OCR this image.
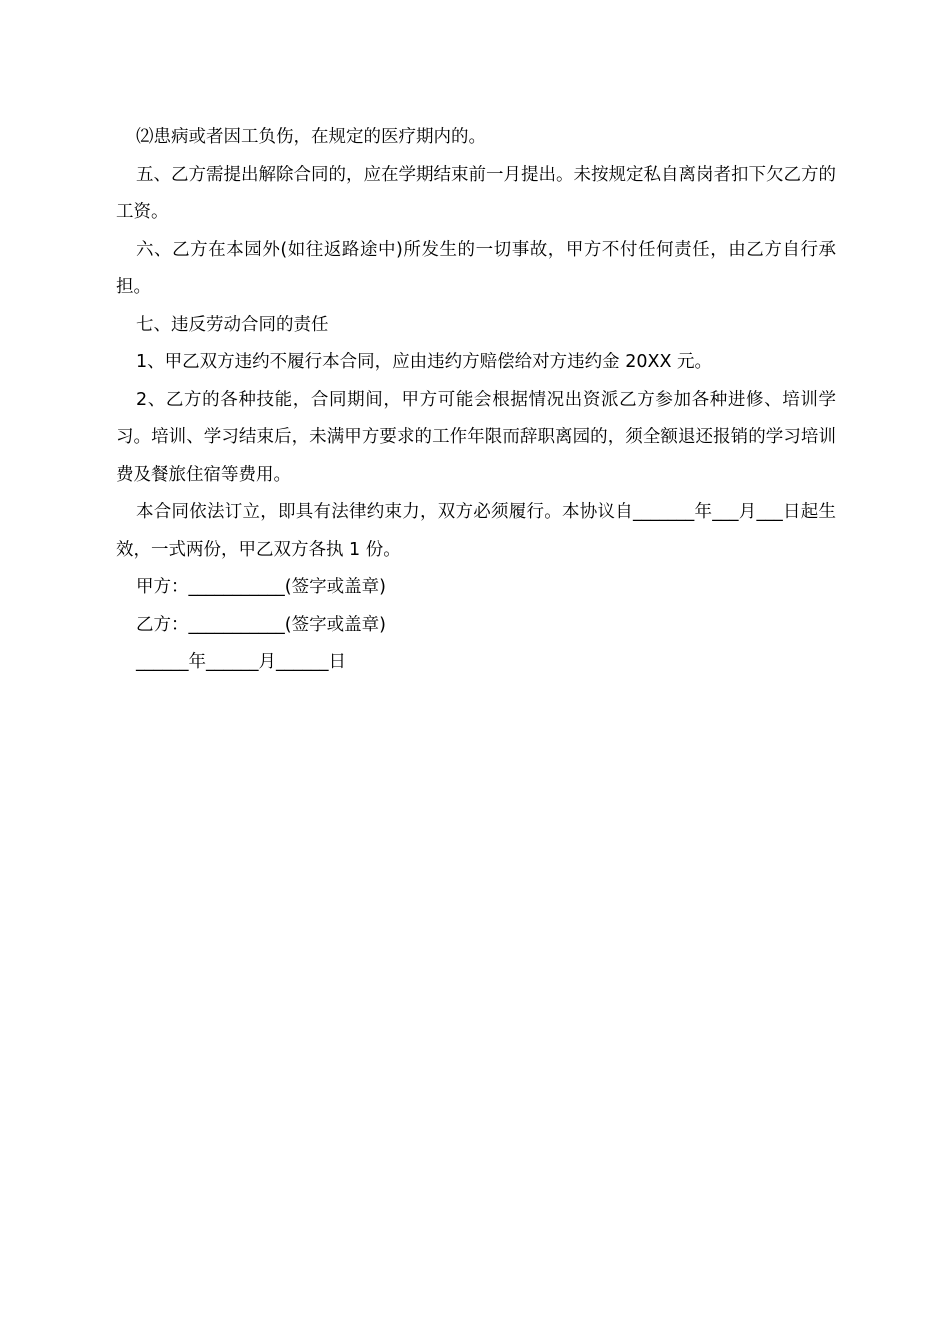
⑵患病或者因工负伤，在规定的医疗期内的。

五、乙方需提出解除合同的，应在学期结束前一月提出。未按规定私自离岗者扣下欠乙方的工资。

六、乙方在本园外(如往返路途中)所发生的一切事故，甲方不付任何责任，由乙方自行承担。

七、违反劳动合同的责任

1、甲乙双方违约不履行本合同，应由违约方赔偿给对方违约金 20XX 元。

2、乙方的各种技能，合同期间，甲方可能会根据情况出资派乙方参加各种进修、培训学习。培训、学习结束后，未满甲方要求的工作年限而辞职离园的，须全额退还报销的学习培训费及餐旅住宿等费用。

本合同依法订立，即具有法律约束力，双方必须履行。本协议自_______年___月___日起生效，一式两份，甲乙双方各执 1 份。

甲方：___________(签字或盖章)

乙方：___________(签字或盖章)

______年______月______日
